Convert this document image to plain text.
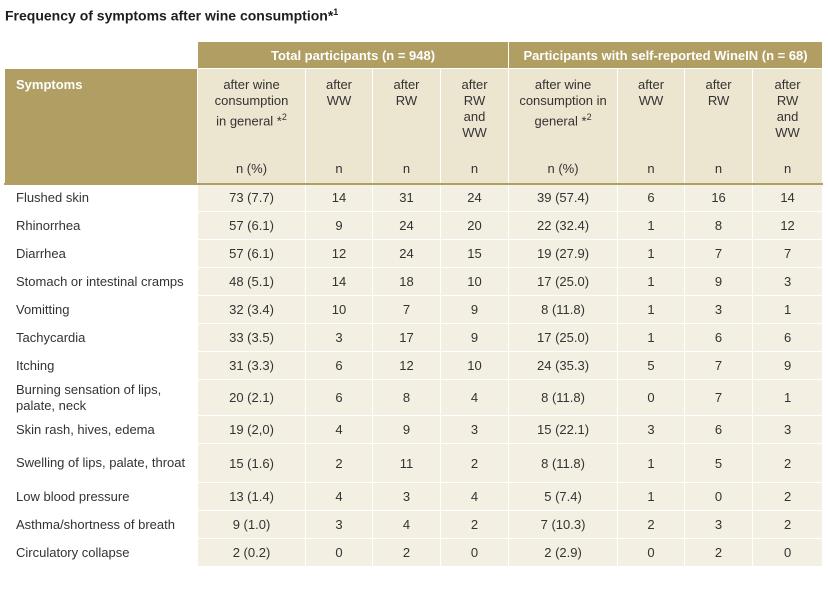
Frequency of symptoms after wine consumption*$^1$
	Total participants (n = 948)				Participants with self-reported WineIN (n = 68)			
Symptoms	after wine
consumption
in general *$^2$
n (%)	after
WW
n	after
RW
n	after
RW
and
WW
n	after wine
consumption in
general *$^2$
n (%)	after
WW
n	after
RW
n	after
RW
and
WW
n

Flushed skin	73 (7.7)	14	31	24	39 (57.4)	6	16	14
Rhinorrhea	57 (6.1)	9	24	20	22 (32.4)	1	8	12
Diarrhea	57 (6.1)	12	24	15	19 (27.9)	1	7	7
Stomach or intestinal cramps	48 (5.1)	14	18	10	17 (25.0)	1	9	3
Vomitting	32 (3.4)	10	7	9	8 (11.8)	1	3	1
Tachycardia	33 (3.5)	3	17	9	17 (25.0)	1	6	6
Itching	31 (3.3)	6	12	10	24 (35.3)	5	7	9
Burning sensation of lips, palate, neck	20 (2.1)	6	8	4	8 (11.8)	0	7	1
Skin rash, hives, edema	19 (2,0)	4	9	3	15 (22.1)	3	6	3
Swelling of lips, palate, throat	15 (1.6)	2	11	2	8 (11.8)	1	5	2
Low blood pressure	13 (1.4)	4	3	4	5 (7.4)	1	0	2
Asthma/shortness of breath	9 (1.0)	3	4	2	7 (10.3)	2	3	2
Circulatory collapse	2 (0.2)	0	2	0	2 (2.9)	0	2	0
